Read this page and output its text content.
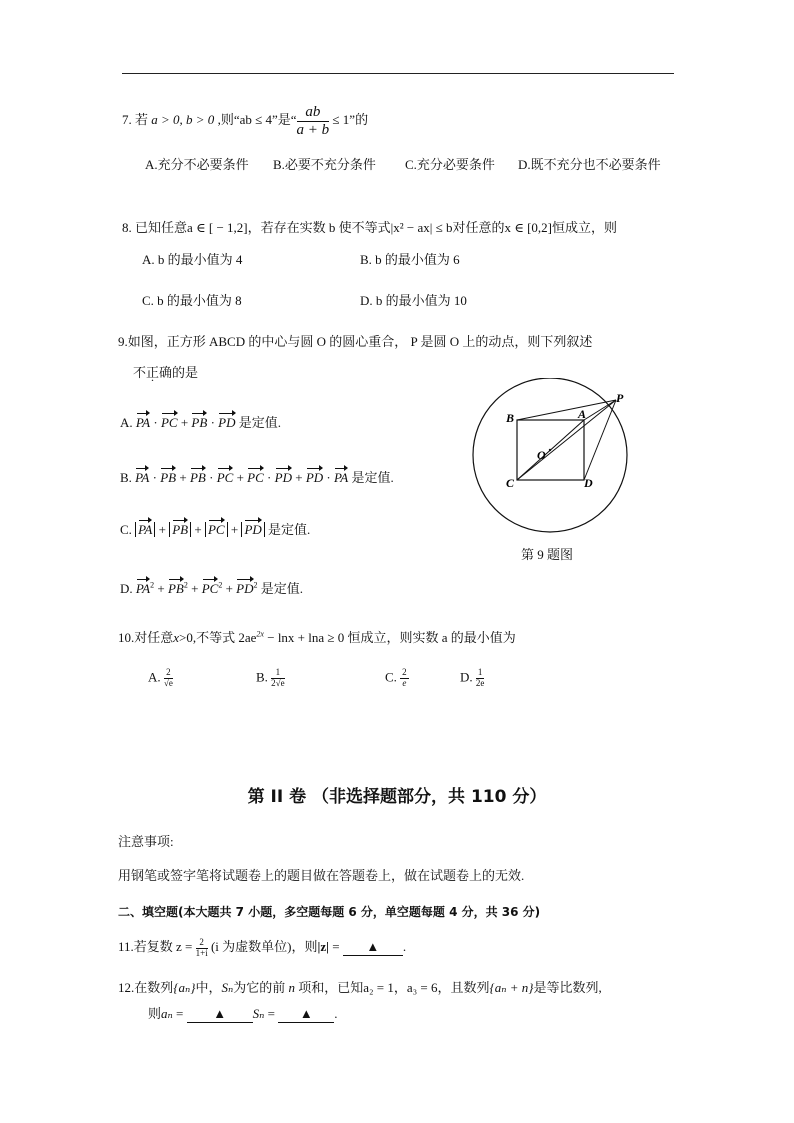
7. 若 a > 0, b > 0 ,则“ab ≤ 4”是“ $\frac{ab}{a + b} \le 1$”的
A.充分不必要条件 B.必要不充分条件 C.充分必要条件 D.既不充分也不必要条件
8. 已知任意a ∈ [ − 1,2]，若存在实数 b 使不等式|x² − ax| ≤ b对任意的x ∈ [0,2]恒成立，则
A. b 的最小值为 4	B. b 的最小值为 6
C. b 的最小值为 8	D. b 的最小值为 10
9.如图，正方形 ABCD 的中心与圆 O 的圆心重合， P 是圆 O 上的动点，则下列叙述
不正确的是
A. PA · PC + PB · PD 是定值.
B. PA · PB + PB · PC + PC · PD + PD · PA 是定值.
C. PA + PB + PC + PD 是定值.
D. $PA^2 + PB^2 + PC^2 + PD^2$ 是定值.
B	A
P
O
C	D
第 9 题图
10.对任意x>0,不等式 $2ae^{2x} - \ln x + \ln a \ge 0$ 恒成立，则实数 a 的最小值为
A. $\frac{2}{√e}$	B. $\frac{1}{2√e}$	C. $\frac{2}{e}$	D. $\frac{1}{2e}$
第 II 卷 （非选择题部分，共 110 分）
注意事项:
用钢笔或签字笔将试题卷上的题目做在答题卷上，做在试题卷上的无效.
二、填空题(本大题共 7 小题，多空题每题 6 分，单空题每题 4 分，共 36 分)
11.若复数 $z = \frac{2}{1+i} (i$ 为虚数单位)，则|z| = ▲ .
12.在数列{aₙ}中，Sₙ为它的前 n 项和，已知a₂ = 1，a₃ = 6，且数列{aₙ + n}是等比数列,
则aₙ = ▲ Sₙ = ▲ .
